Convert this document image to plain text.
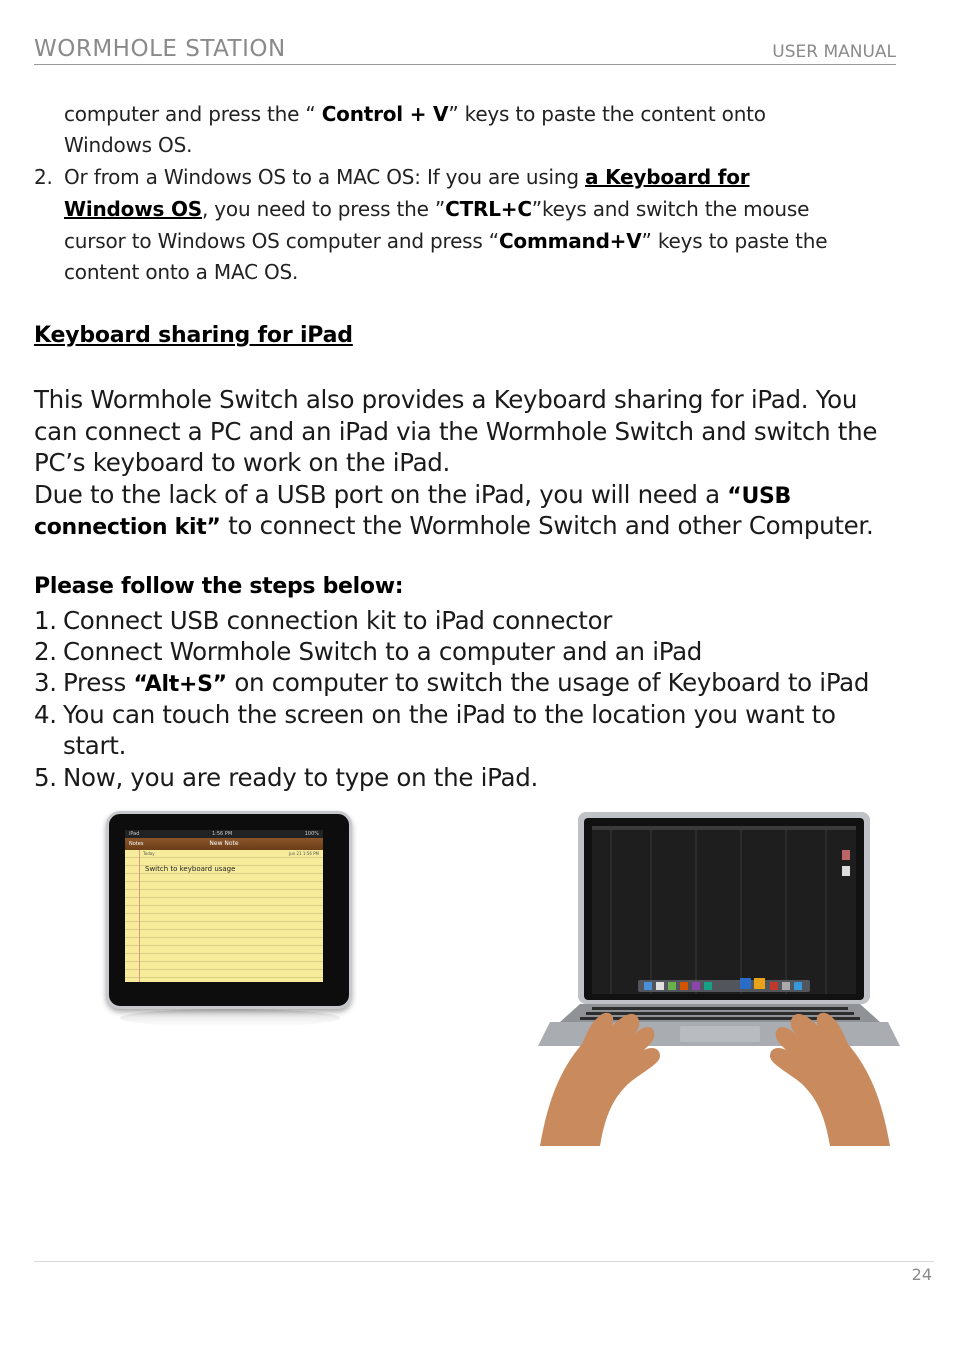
WORMHOLE STATION	USER MANUAL
computer and press the “ Control + V” keys to paste the content onto
Windows OS.
2. Or from a Windows OS to a MAC OS: If you are using a Keyboard for
Windows OS, you need to press the ”CTRL+C”keys and switch the mouse
cursor to Windows OS computer and press “Command+V” keys to paste the
content onto a MAC OS.
Keyboard sharing for iPad
This Wormhole Switch also provides a Keyboard sharing for iPad. You
can connect a PC and an iPad via the Wormhole Switch and switch the
PC’s keyboard to work on the iPad.
Due to the lack of a USB port on the iPad, you will need a “USB
connection kit” to connect the Wormhole Switch and other Computer.
Please follow the steps below:
1. Connect USB connection kit to iPad connector
2. Connect Wormhole Switch to a computer and an iPad
3. Press “Alt+S” on computer to switch the usage of Keyboard to iPad
4. You can touch the screen on the iPad to the location you want to
start.
5. Now, you are ready to type on the iPad.
iPad	1:56 PM	100%
Notes	New Note
Today	Jun 21 1:56 PM
Switch to keyboard usage
24
